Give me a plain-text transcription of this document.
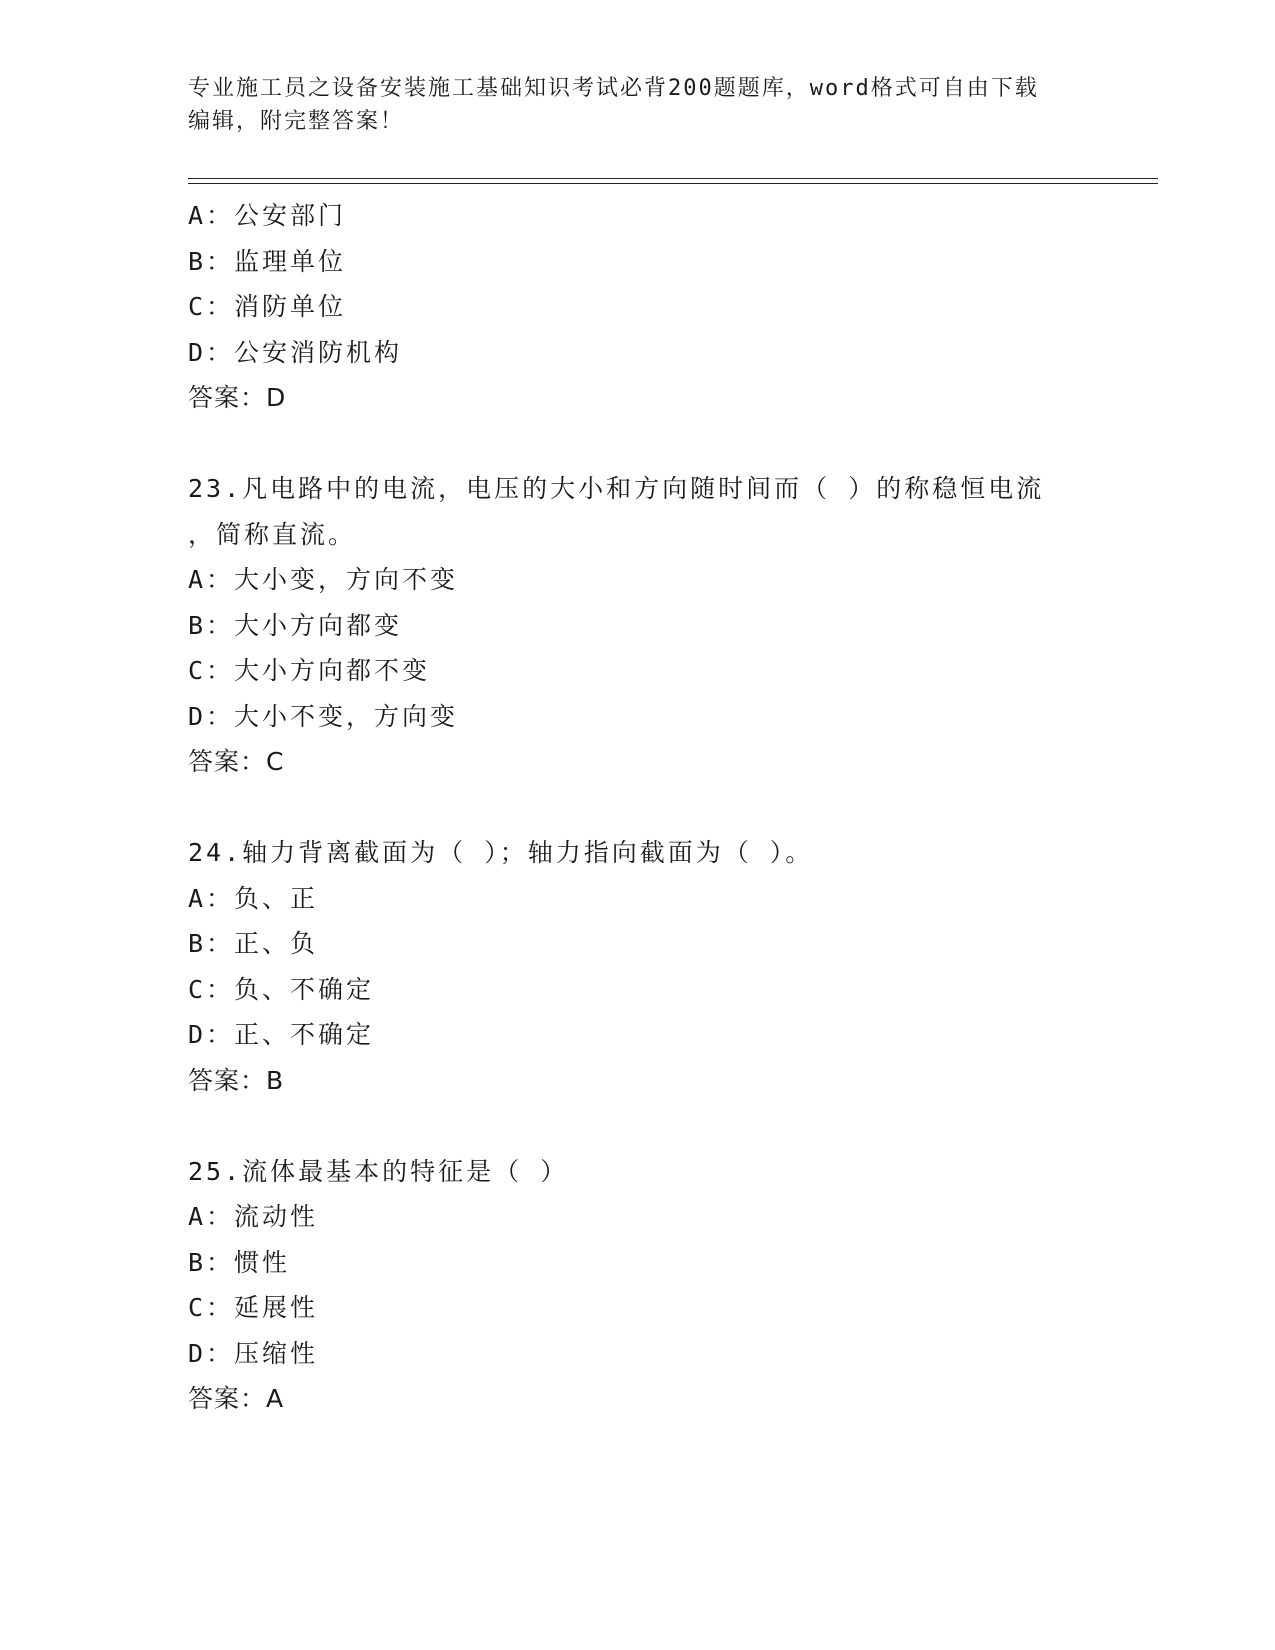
专业施工员之设备安装施工基础知识考试必背200题题库，word格式可自由下载
编辑，附完整答案！
A：公安部门
B：监理单位
C：消防单位
D：公安消防机构
答案：D
23.凡电路中的电流，电压的大小和方向随时间而（ ）的称稳恒电流
，简称直流。
A：大小变，方向不变
B：大小方向都变
C：大小方向都不变
D：大小不变，方向变
答案：C
24.轴力背离截面为（ ）；轴力指向截面为（ ）。
A：负、正
B：正、负
C：负、不确定
D：正、不确定
答案：B
25.流体最基本的特征是（ ）
A：流动性
B：惯性
C：延展性
D：压缩性
答案：A
